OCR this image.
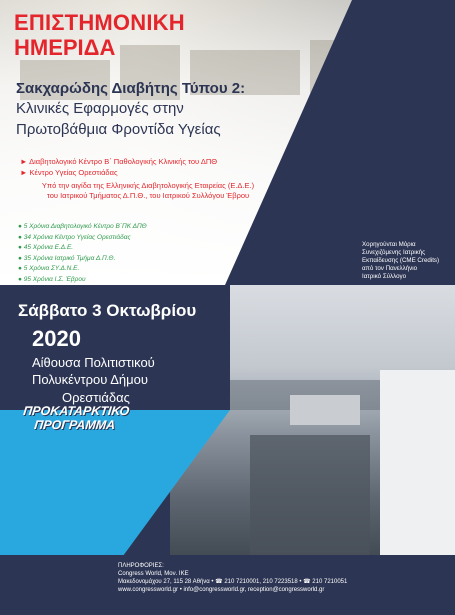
ΕΠΙΣΤΗΜΟΝΙΚΗ
ΗΜΕΡΙΔΑ
Σακχαρώδης Διαβήτης Τύπου 2:
Κλινικές Εφαρμογές στην
Πρωτοβάθμια Φροντίδα Υγείας
► Διαβητολογικό Κέντρο Β΄ Παθολογικής Κλινικής του ΔΠΘ
► Κέντρο Υγείας Ορεστιάδας
Υπό την αιγίδα της Ελληνικής Διαβητολογικής Εταιρείας (Ε.Δ.Ε.)
του Ιατρικού Τμήματος Δ.Π.Θ., του Ιατρικού Συλλόγου Έβρου
● 5 Χρόνια Διαβητολογικό Κέντρο Β΄ΠΚ ΔΠΘ
● 34 Χρόνια Κέντρο Υγείας Ορεστιάδας
● 45 Χρόνια Ε.Δ.Ε.
● 35 Χρόνια Ιατρικό Τμήμα Δ.Π.Θ.
● 5 Χρόνια ΣΥ.Δ.Ν.Ε.
● 95 Χρόνια Ι.Σ. Έβρου
Χορηγούνται Μόρια
Συνεχιζόμενης Ιατρικής
Εκπαίδευσης (CME Credits)
από τον Πανελλήνιο
Ιατρικό Σύλλογο
Σάββατο 3 Οκτωβρίου
2020
Αίθουσα Πολιτιστικού
Πολυκέντρου Δήμου
Ορεστιάδας
ΠΡΟΚΑΤΑΡΚΤΙΚΟ
ΠΡΟΓΡΑΜΜΑ
ΠΛΗΡΟΦΟΡΙΕΣ:
Congress World, Μον. ΙΚΕ
Μακεδονομάχου 27, 115 28 Αθήνα • ☎ 210 7210001, 210 7223518 • ☎ 210 7210051
www.congressworld.gr • info@congressworld.gr, reception@congressworld.gr
